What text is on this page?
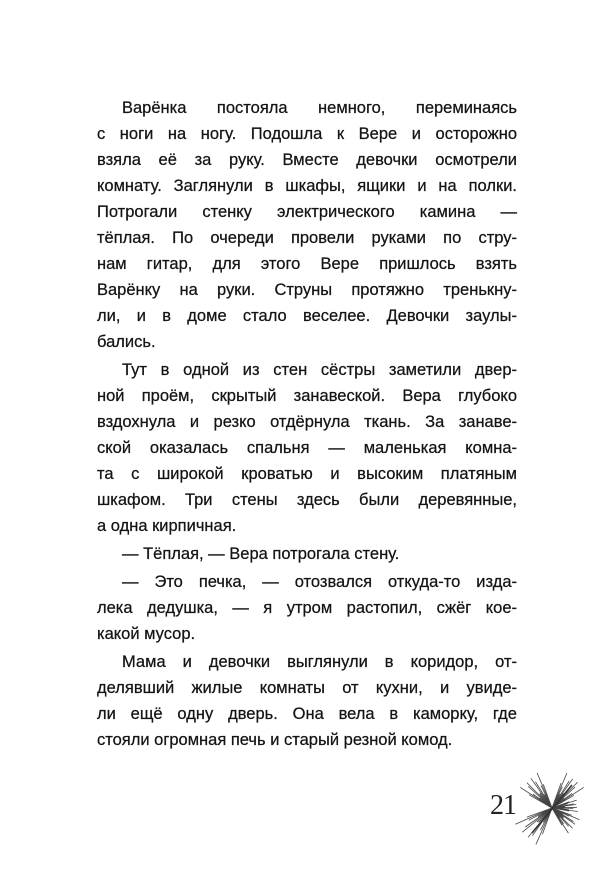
Варёнка постояла немного, переминаясь
с ноги на ногу. Подошла к Вере и осторожно
взяла её за руку. Вместе девочки осмотрели
комнату. Заглянули в шкафы, ящики и на полки.
Потрогали стенку электрического камина —
тёплая. По очереди провели руками по стру-
нам гитар, для этого Вере пришлось взять
Варёнку на руки. Струны протяжно тренькну-
ли, и в доме стало веселее. Девочки заулы-
бались.
Тут в одной из стен сёстры заметили двер-
ной проём, скрытый занавеской. Вера глубоко
вздохнула и резко отдёрнула ткань. За занаве-
ской оказалась спальня — маленькая комна-
та с широкой кроватью и высоким платяным
шкафом. Три стены здесь были деревянные,
а одна кирпичная.
— Тёплая, — Вера потрогала стену.
— Это печка, — отозвался откуда-то изда-
лека дедушка, — я утром растопил, сжёг кое-
какой мусор.
Мама и девочки выглянули в коридор, от-
делявший жилые комнаты от кухни, и увиде-
ли ещё одну дверь. Она вела в каморку, где
стояли огромная печь и старый резной комод.
21
